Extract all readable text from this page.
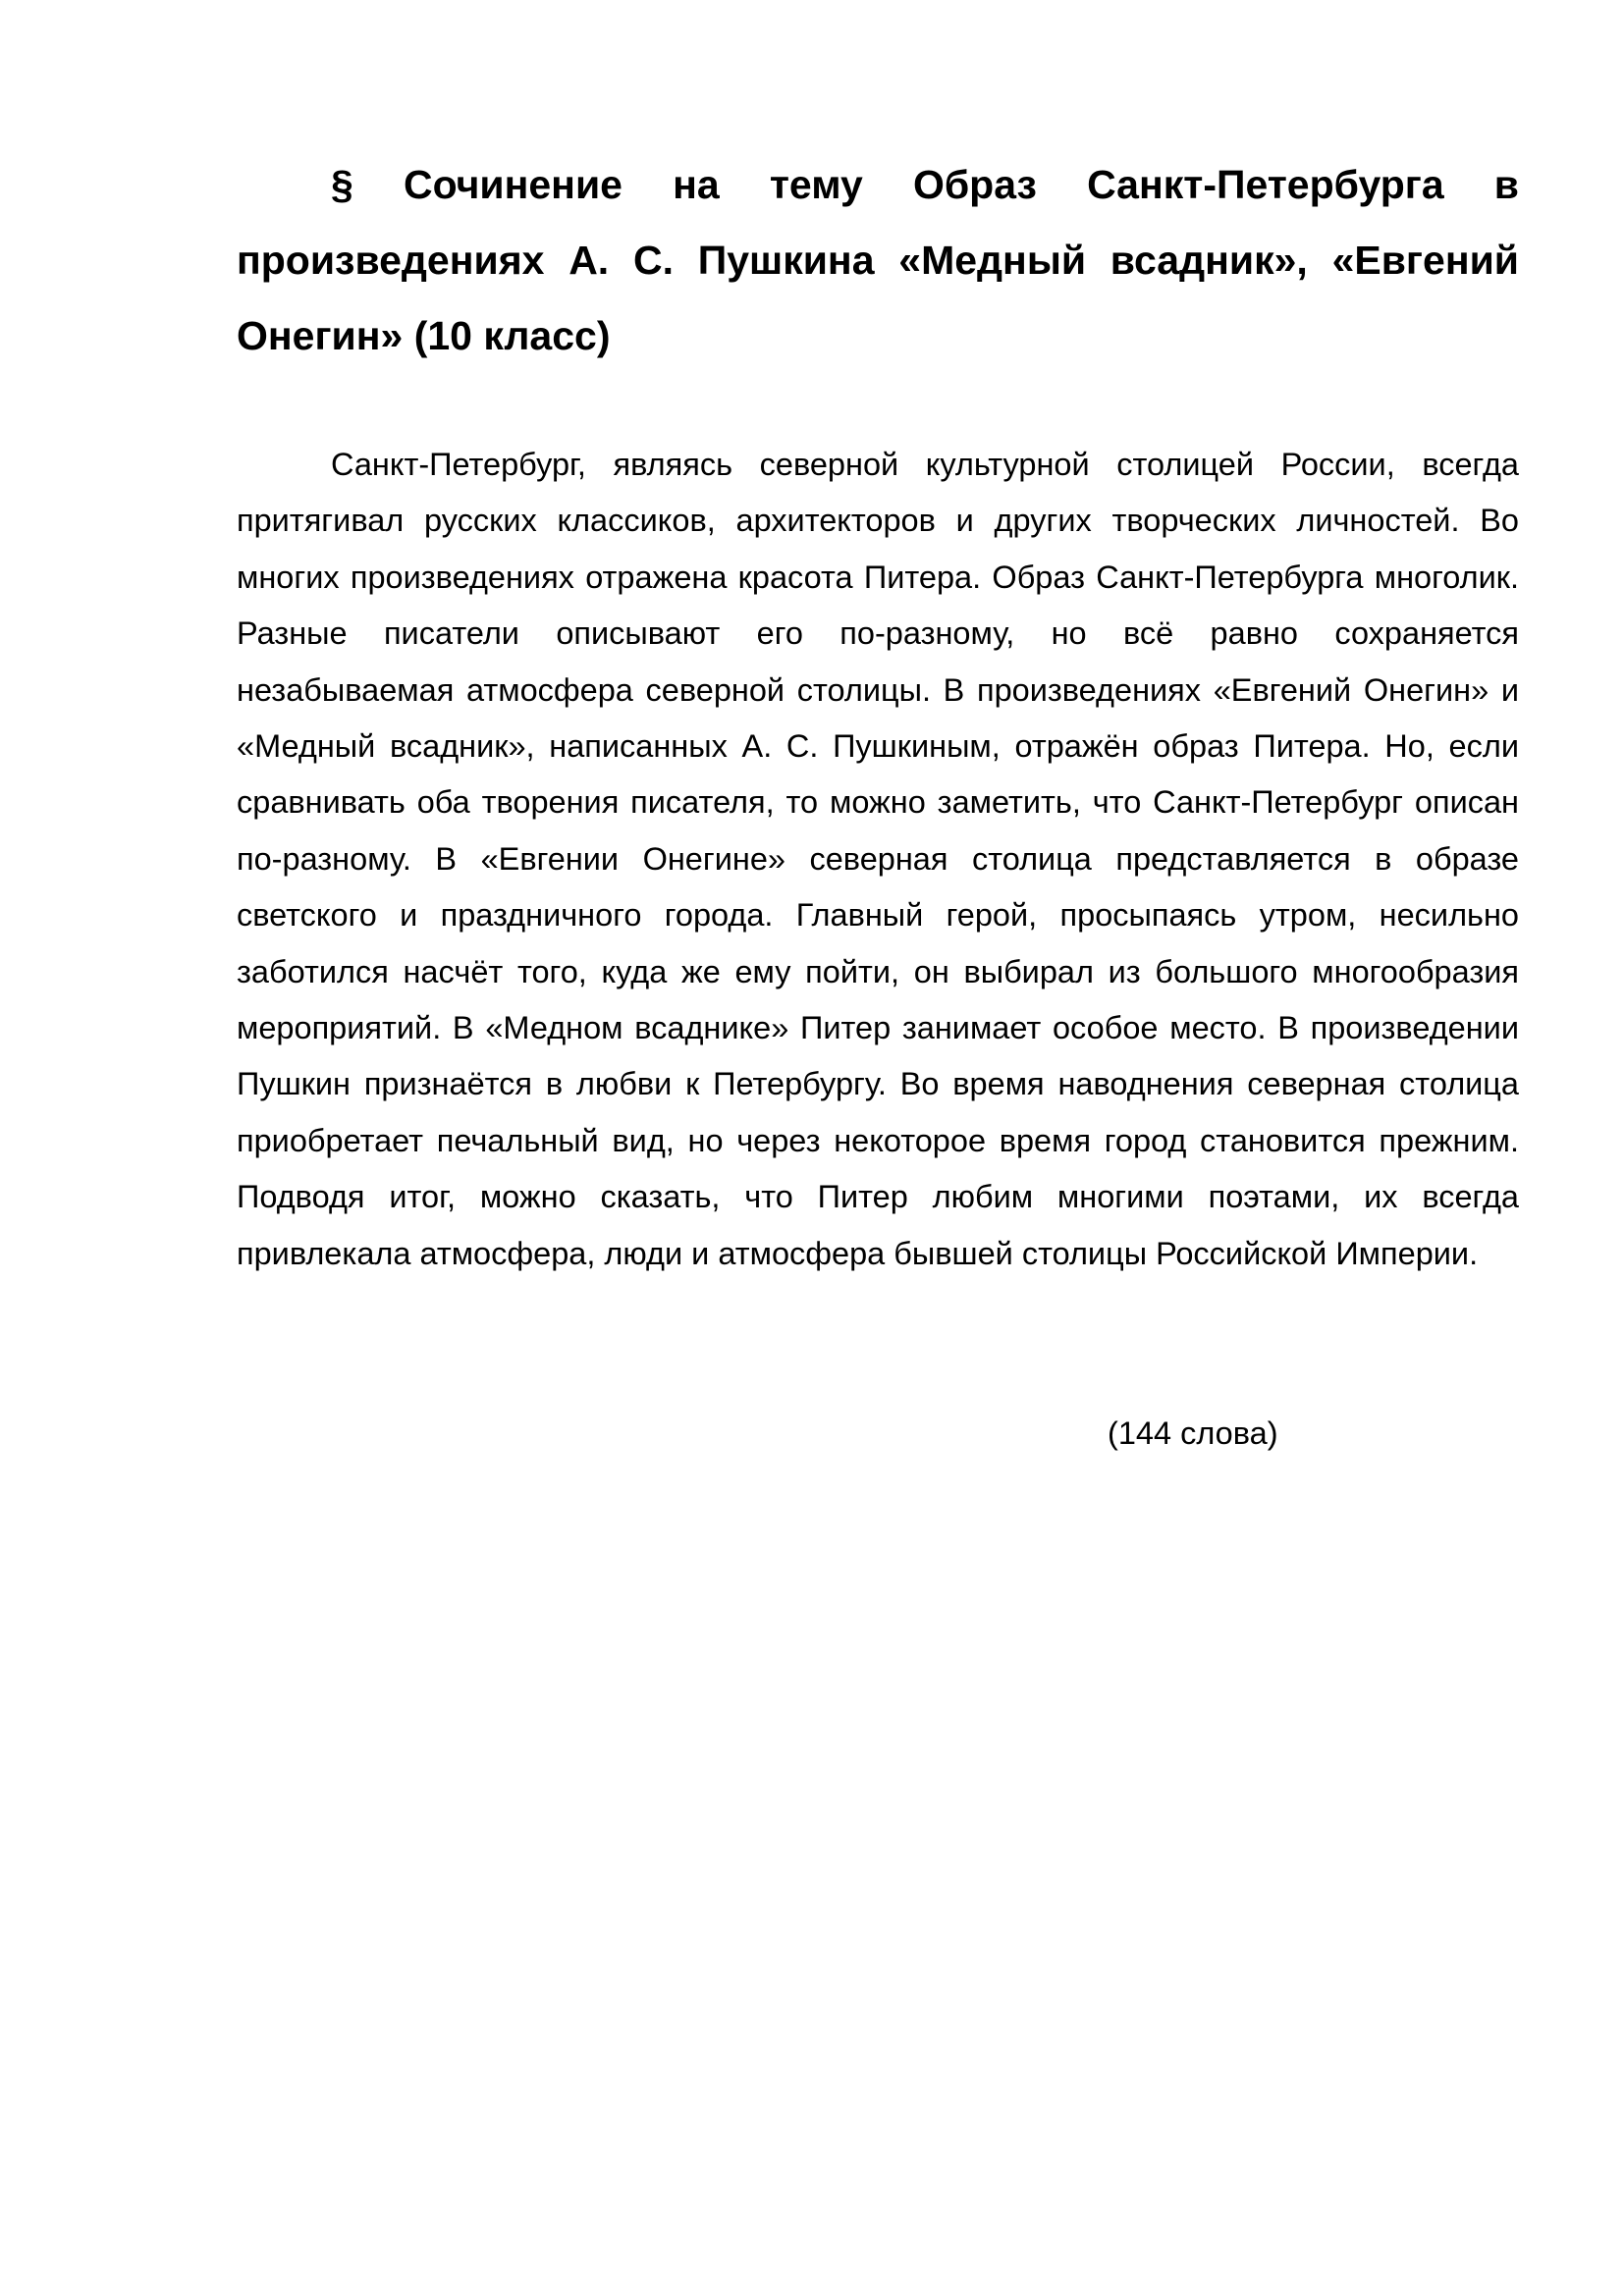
§ Сочинение на тему Образ Санкт-Петербурга в произведениях А. С. Пушкина «Медный всадник», «Евгений Онегин» (10 класс)

Санкт-Петербург, являясь северной культурной столицей России, всегда притягивал русских классиков, архитекторов и других творческих личностей. Во многих произведениях отражена красота Питера. Образ Санкт-Петербурга многолик. Разные писатели описывают его по-разному, но всё равно сохраняется незабываемая атмосфера северной столицы. В произведениях «Евгений Онегин» и «Медный всадник», написанных А. С. Пушкиным, отражён образ Питера. Но, если сравнивать оба творения писателя, то можно заметить, что Санкт-Петербург описан по-разному. В «Евгении Онегине» северная столица представляется в образе светского и праздничного города. Главный герой, просыпаясь утром, несильно заботился насчёт того, куда же ему пойти, он выбирал из большого многообразия мероприятий. В «Медном всаднике» Питер занимает особое место. В произведении Пушкин признаётся в любви к Петербургу. Во время наводнения северная столица приобретает печальный вид, но через некоторое время город становится прежним. Подводя итог, можно сказать, что Питер любим многими поэтами, их всегда привлекала атмосфера, люди и атмосфера бывшей столицы Российской Империи.

(144 слова)
